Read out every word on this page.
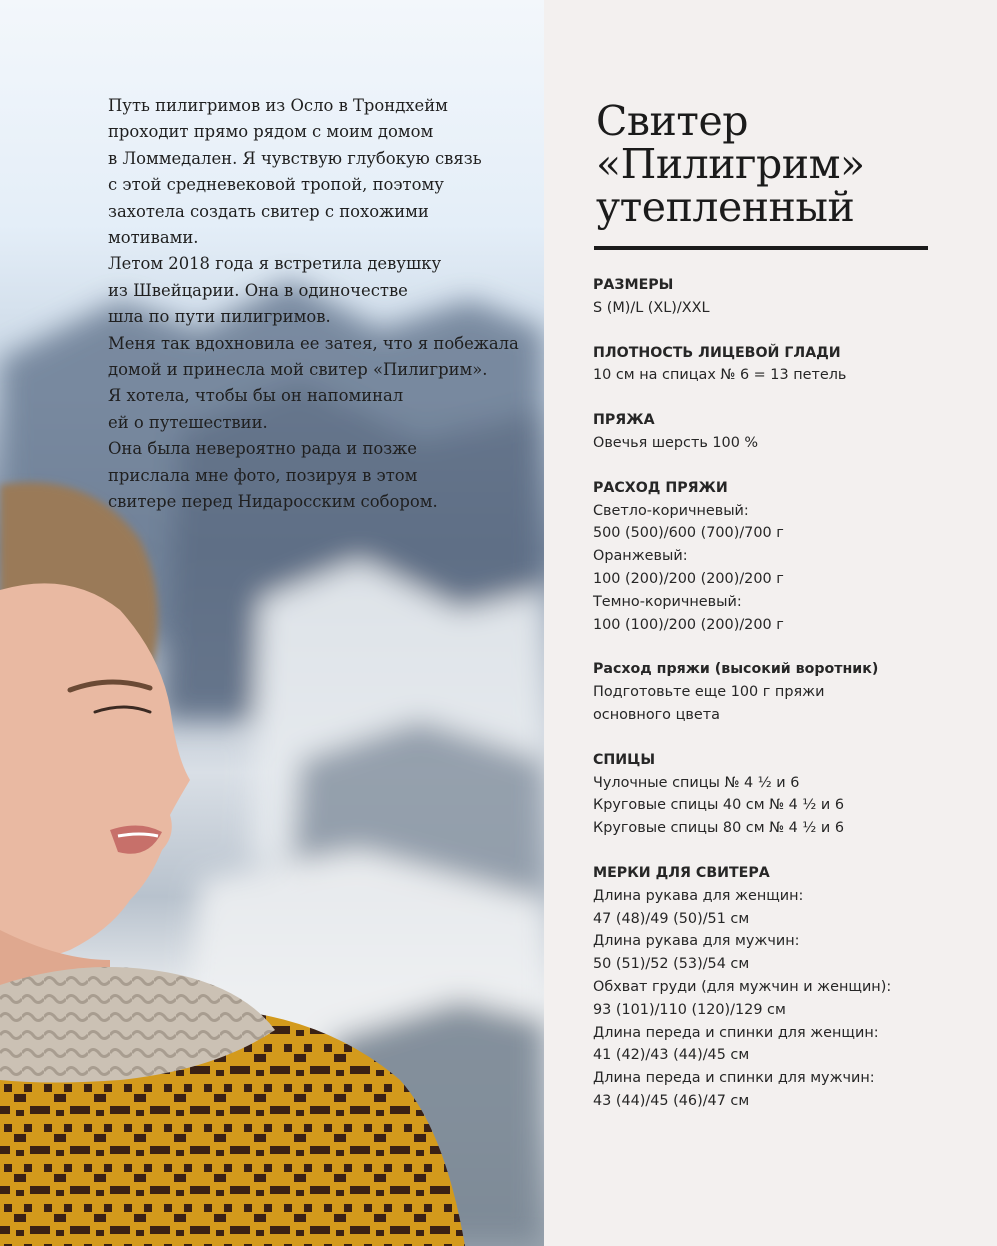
Путь пилигримов из Осло в Трондхейм
проходит прямо рядом с моим домом
в Ломмедален. Я чувствую глубокую связь
с этой средневековой тропой, поэтому
захотела создать свитер с похожими
мотивами.
Летом 2018 года я встретила девушку
из Швейцарии. Она в одиночестве
шла по пути пилигримов.
Меня так вдохновила ее затея, что я побежала
домой и принесла мой свитер «Пилигрим».
Я хотела, чтобы бы он напоминал
ей о путешествии.
Она была невероятно рада и позже
прислала мне фото, позируя в этом
свитере перед Нидаросским собором.

Свитер
«Пилигрим»
утепленный
РАЗМЕРЫ
S (M)/L (XL)/XXL
ПЛОТНОСТЬ ЛИЦЕВОЙ ГЛАДИ
10 см на спицах № 6 = 13 петель
ПРЯЖА
Овечья шерсть 100 %
РАСХОД ПРЯЖИ
Светло-коричневый:
500 (500)/600 (700)/700 г
Оранжевый:
100 (200)/200 (200)/200 г
Темно-коричневый:
100 (100)/200 (200)/200 г
Расход пряжи (высокий воротник)
Подготовьте еще 100 г пряжи
основного цвета
СПИЦЫ
Чулочные спицы № 4 ½ и 6
Круговые спицы 40 см № 4 ½ и 6
Круговые спицы 80 см № 4 ½ и 6
МЕРКИ ДЛЯ СВИТЕРА
Длина рукава для женщин:
47 (48)/49 (50)/51 см
Длина рукава для мужчин:
50 (51)/52 (53)/54 см
Обхват груди (для мужчин и женщин):
93 (101)/110 (120)/129 см
Длина переда и спинки для женщин:
41 (42)/43 (44)/45 см
Длина переда и спинки для мужчин:
43 (44)/45 (46)/47 см
